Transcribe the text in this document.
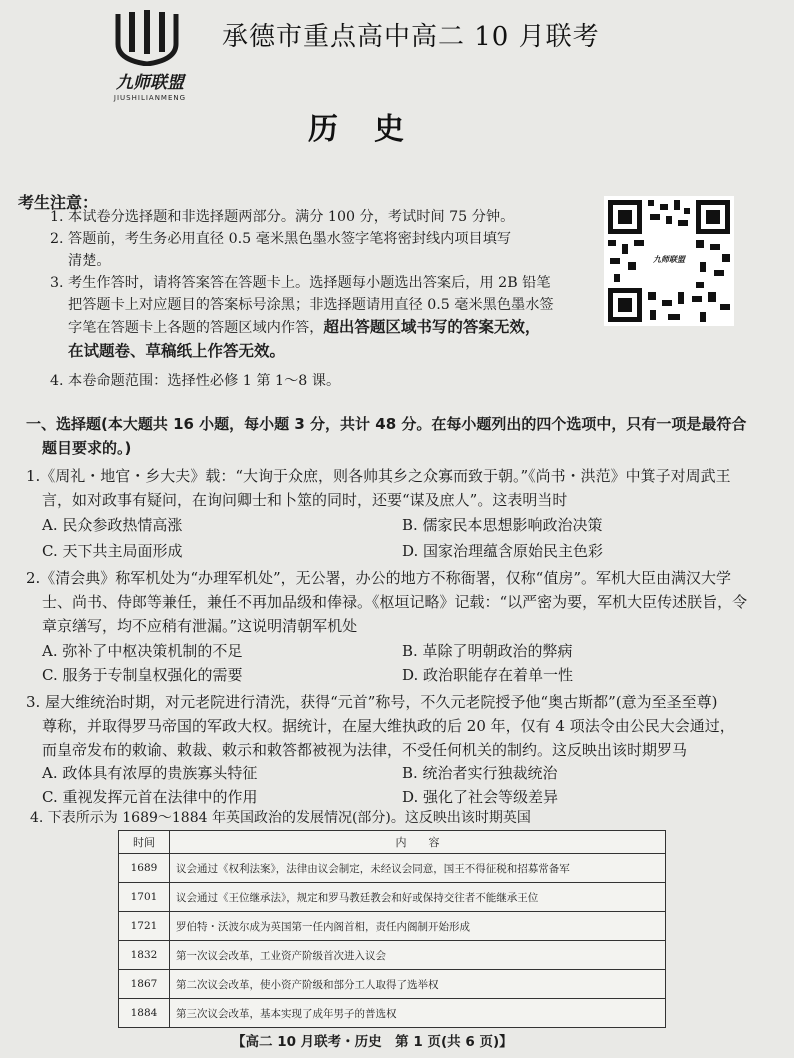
九师联盟
JIUSHILIANMENG
承德市重点高中高二 10 月联考
历史
考生注意：
1. 本试卷分选择题和非选择题两部分。满分 100 分，考试时间 75 分钟。
2. 答题前，考生务必用直径 0.5 毫米黑色墨水签字笔将密封线内项目填写
清楚。
3. 考生作答时，请将答案答在答题卡上。选择题每小题选出答案后，用 2B 铅笔
把答题卡上对应题目的答案标号涂黑；非选择题请用直径 0.5 毫米黑色墨水签
字笔在答题卡上各题的答题区域内作答，超出答题区域书写的答案无效，
在试题卷、草稿纸上作答无效。
4. 本卷命题范围：选择性必修 1 第 1～8 课。
九师联盟
一、选择题(本大题共 16 小题，每小题 3 分，共计 48 分。在每小题列出的四个选项中，只有一项是最符合
题目要求的。)
1.《周礼・地官・乡大夫》载：“大询于众庶，则各帅其乡之众寡而致于朝。”《尚书・洪范》中箕子对周武王
言，如对政事有疑问，在询问卿士和卜筮的同时，还要“谋及庶人”。这表明当时
A. 民众参政热情高涨	B. 儒家民本思想影响政治决策
C. 天下共主局面形成	D. 国家治理蕴含原始民主色彩
2.《清会典》称军机处为“办理军机处”，无公署，办公的地方不称衙署，仅称“值房”。军机大臣由满汉大学
士、尚书、侍郎等兼任，兼任不再加品级和俸禄。《枢垣记略》记载：“以严密为要，军机大臣传述朕旨，令
章京缮写，均不应稍有泄漏。”这说明清朝军机处
A. 弥补了中枢决策机制的不足	B. 革除了明朝政治的弊病
C. 服务于专制皇权强化的需要	D. 政治职能存在着单一性
3. 屋大维统治时期，对元老院进行清洗，获得“元首”称号，不久元老院授予他“奥古斯都”(意为至圣至尊)
尊称，并取得罗马帝国的军政大权。据统计，在屋大维执政的后 20 年，仅有 4 项法令由公民大会通过，
而皇帝发布的敕谕、敕裁、敕示和敕答都被视为法律，不受任何机关的制约。这反映出该时期罗马
A. 政体具有浓厚的贵族寡头特征	B. 统治者实行独裁统治
C. 重视发挥元首在法律中的作用	D. 强化了社会等级差异
4. 下表所示为 1689～1884 年英国政治的发展情况(部分)。这反映出该时期英国
时间	内　　容
1689	议会通过《权利法案》，法律由议会制定，未经议会同意，国王不得征税和招募常备军
1701	议会通过《王位继承法》，规定和罗马教廷教会和好或保持交往者不能继承王位
1721	罗伯特・沃波尔成为英国第一任内阁首相，责任内阁制开始形成
1832	第一次议会改革，工业资产阶级首次进入议会
1867	第二次议会改革，使小资产阶级和部分工人取得了选举权
1884	第三次议会改革，基本实现了成年男子的普选权
【高二 10 月联考・历史　第 1 页(共 6 页)】
